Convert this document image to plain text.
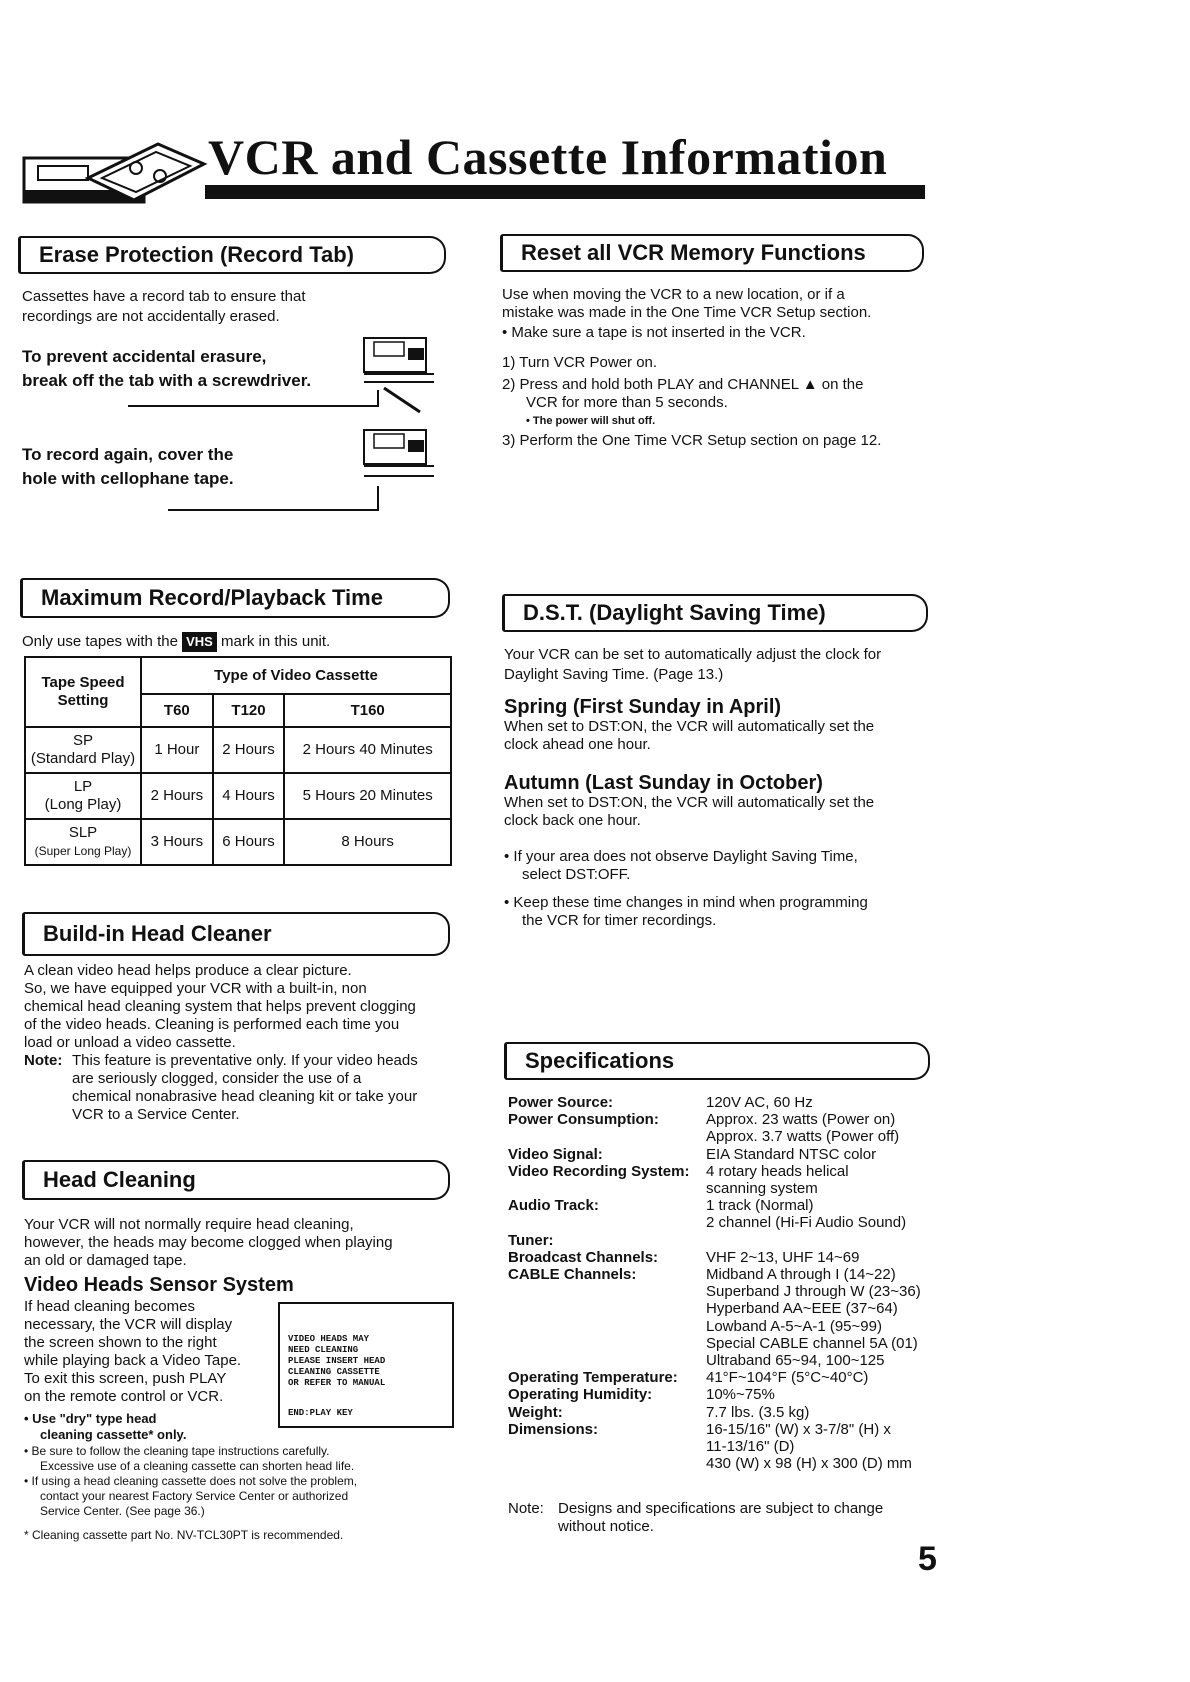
VCR and Cassette Information
Erase Protection (Record Tab)
Cassettes have a record tab to ensure that
recordings are not accidentally erased.
To prevent accidental erasure,
break off the tab with a screwdriver.
To record again, cover the
hole with cellophane tape.
Reset all VCR Memory Functions
Use when moving the VCR to a new location, or if a
mistake was made in the One Time VCR Setup section.
• Make sure a tape is not inserted in the VCR.
1) Turn VCR Power on.
2) Press and hold both PLAY and CHANNEL ▲ on the
VCR for more than 5 seconds.
• The power will shut off.
3) Perform the One Time VCR Setup section on page 12.
Maximum Record/Playback Time
Only use tapes with the VHS mark in this unit.
Tape Speed Setting	Type of Video Cassette		
	T60	T120	T160

SP
(Standard Play)	1 Hour	2 Hours	2 Hours 40 Minutes

LP
(Long Play)	2 Hours	4 Hours	5 Hours 20 Minutes

SLP
(Super Long Play)	3 Hours	6 Hours	8 Hours
D.S.T. (Daylight Saving Time)
Your VCR can be set to automatically adjust the clock for
Daylight Saving Time. (Page 13.)
Spring (First Sunday in April)
When set to DST:ON, the VCR will automatically set the
clock ahead one hour.
Autumn (Last Sunday in October)
When set to DST:ON, the VCR will automatically set the
clock back one hour.
• If your area does not observe Daylight Saving Time,
select DST:OFF.
• Keep these time changes in mind when programming
the VCR for timer recordings.
Build-in Head Cleaner
A clean video head helps produce a clear picture.
So, we have equipped your VCR with a built-in, non
chemical head cleaning system that helps prevent clogging
of the video heads. Cleaning is performed each time you
load or unload a video cassette.
Note: This feature is preventative only. If your video heads
are seriously clogged, consider the use of a
chemical nonabrasive head cleaning kit or take your
VCR to a Service Center.
Head Cleaning
Your VCR will not normally require head cleaning,
however, the heads may become clogged when playing
an old or damaged tape.
Video Heads Sensor System
If head cleaning becomes
necessary, the VCR will display
the screen shown to the right
while playing back a Video Tape.
To exit this screen, push PLAY
on the remote control or VCR.
VIDEO HEADS MAY
NEED CLEANING
PLEASE INSERT HEAD
CLEANING CASSETTE
OR REFER TO MANUAL
END:PLAY KEY
• Use "dry" type head
cleaning cassette* only.
• Be sure to follow the cleaning tape instructions carefully.
Excessive use of a cleaning cassette can shorten head life.
• If using a head cleaning cassette does not solve the problem,
contact your nearest Factory Service Center or authorized
Service Center. (See page 36.)
* Cleaning cassette part No. NV-TCL30PT is recommended.
Specifications
Power Source:	120V AC, 60 Hz
Power Consumption:	Approx. 23 watts (Power on)
Approx. 3.7 watts (Power off)
Video Signal:	EIA Standard NTSC color
Video Recording System: 4 rotary heads helical
scanning system
Audio Track:	1 track (Normal)
2 channel (Hi-Fi Audio Sound)
Tuner:
Broadcast Channels:	VHF 2~13, UHF 14~69
CABLE Channels:	Midband A through I (14~22)
Superband J through W (23~36)
Hyperband AA~EEE (37~64)
Lowband A-5~A-1 (95~99)
Special CABLE channel 5A (01)
Ultraband 65~94, 100~125
Operating Temperature: 41°F~104°F (5°C~40°C)
Operating Humidity:	10%~75%
Weight:	7.7 lbs. (3.5 kg)
Dimensions:	16-15/16" (W) x 3-7/8" (H) x
11-13/16" (D)
430 (W) x 98 (H) x 300 (D) mm
Note: Designs and specifications are subject to change
without notice.
5
